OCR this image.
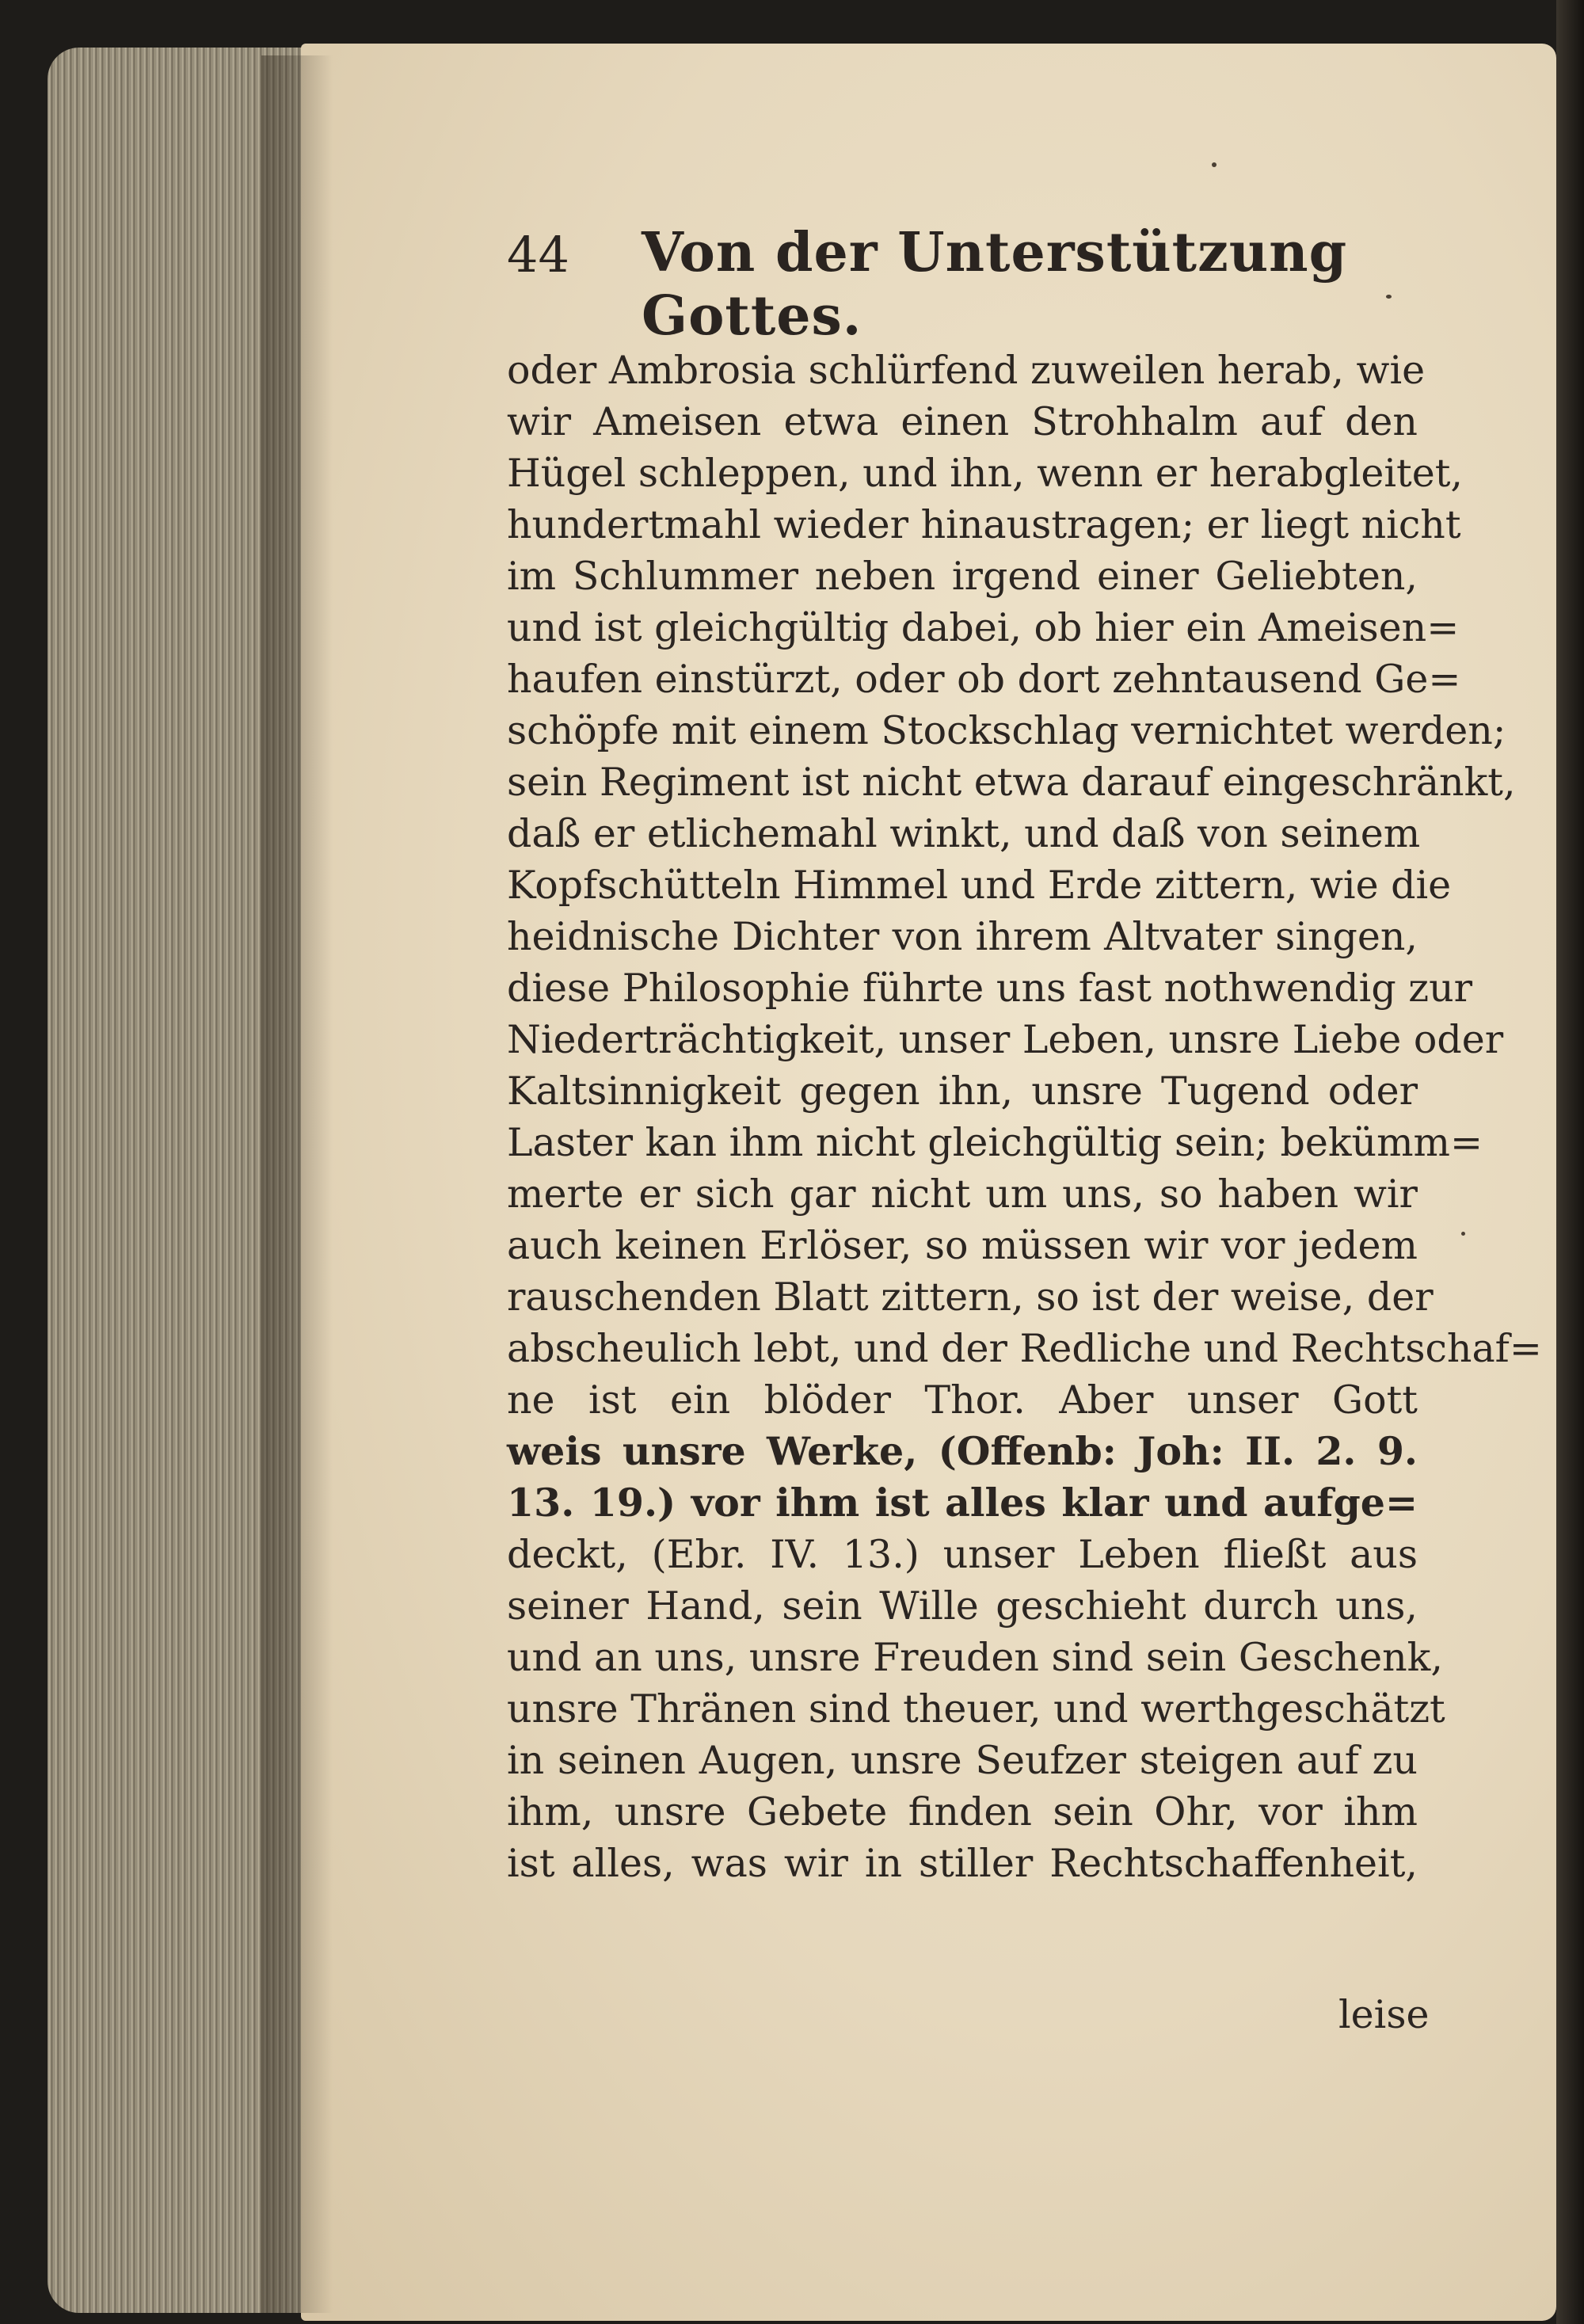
44 Von der Unterstützung Gottes.
oder Ambrosia schlürfend zuweilen herab, wie
wir Ameisen etwa einen Strohhalm auf den
Hügel schleppen, und ihn, wenn er herabgleitet,
hundertmahl wieder hinaustragen; er liegt nicht
im Schlummer neben irgend einer Geliebten,
und ist gleichgültig dabei, ob hier ein Ameisen=
haufen einstürzt, oder ob dort zehntausend Ge=
schöpfe mit einem Stockschlag vernichtet werden;
sein Regiment ist nicht etwa darauf eingeschränkt,
daß er etlichemahl winkt, und daß von seinem
Kopfschütteln Himmel und Erde zittern, wie die
heidnische Dichter von ihrem Altvater singen,
diese Philosophie führte uns fast nothwendig zur
Niederträchtigkeit, unser Leben, unsre Liebe oder
Kaltsinnigkeit gegen ihn, unsre Tugend oder
Laster kan ihm nicht gleichgültig sein; bekümm=
merte er sich gar nicht um uns, so haben wir
auch keinen Erlöser, so müssen wir vor jedem
rauschenden Blatt zittern, so ist der weise, der
abscheulich lebt, und der Redliche und Rechtschaf=
ne ist ein blöder Thor. Aber unser Gott
weis unsre Werke, (Offenb: Joh: II. 2. 9.
13. 19.) vor ihm ist alles klar und aufge=
deckt, (Ebr. IV. 13.) unser Leben fließt aus
seiner Hand, sein Wille geschieht durch uns,
und an uns, unsre Freuden sind sein Geschenk,
unsre Thränen sind theuer, und werthgeschätzt
in seinen Augen, unsre Seufzer steigen auf zu
ihm, unsre Gebete finden sein Ohr, vor ihm
ist alles, was wir in stiller Rechtschaffenheit,
leise
